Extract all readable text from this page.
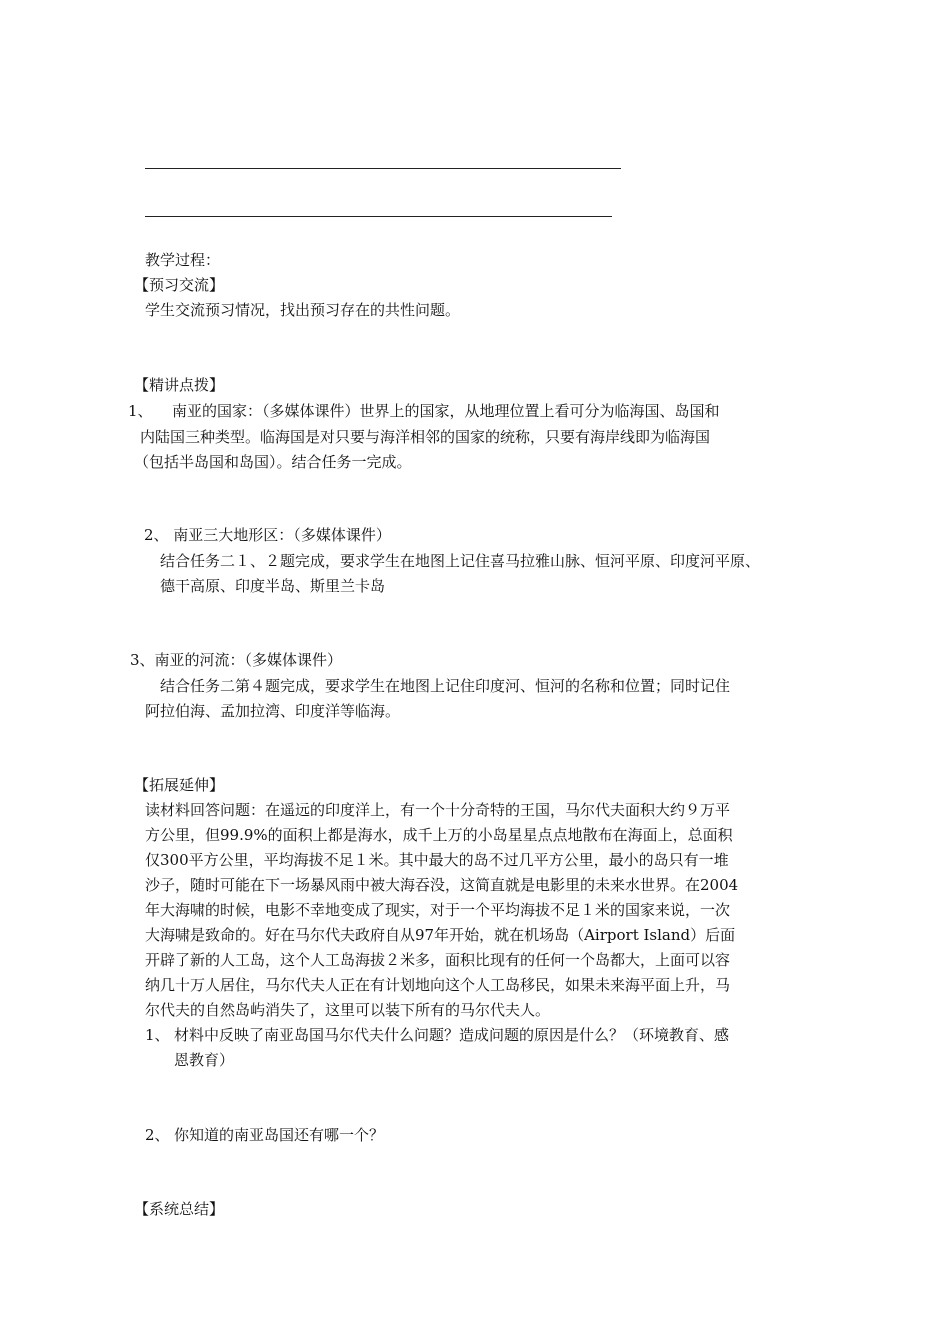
教学过程：
【预习交流】
学生交流预习情况，找出预习存在的共性问题。
【精讲点拨】
1、 南亚的国家：（多媒体课件）世界上的国家，从地理位置上看可分为临海国、岛国和
内陆国三种类型。临海国是对只要与海洋相邻的国家的统称，只要有海岸线即为临海国
（包括半岛国和岛国）。结合任务一完成。
2、 南亚三大地形区：（多媒体课件）
结合任务二１、２题完成，要求学生在地图上记住喜马拉雅山脉、恒河平原、印度河平原、
德干高原、印度半岛、斯里兰卡岛
3、南亚的河流：（多媒体课件）
结合任务二第４题完成，要求学生在地图上记住印度河、恒河的名称和位置；同时记住
阿拉伯海、孟加拉湾、印度洋等临海。
【拓展延伸】
读材料回答问题：在遥远的印度洋上，有一个十分奇特的王国，马尔代夫面积大约９万平
方公里，但99.9%的面积上都是海水，成千上万的小岛星星点点地散布在海面上，总面积
仅300平方公里，平均海拔不足１米。其中最大的岛不过几平方公里，最小的岛只有一堆
沙子，随时可能在下一场暴风雨中被大海吞没，这简直就是电影里的未来水世界。在2004
年大海啸的时候，电影不幸地变成了现实，对于一个平均海拔不足１米的国家来说，一次
大海啸是致命的。好在马尔代夫政府自从97年开始，就在机场岛（Airport Island）后面
开辟了新的人工岛，这个人工岛海拔２米多，面积比现有的任何一个岛都大，上面可以容
纳几十万人居住，马尔代夫人正在有计划地向这个人工岛移民，如果未来海平面上升，马
尔代夫的自然岛屿消失了，这里可以装下所有的马尔代夫人。
1、 材料中反映了南亚岛国马尔代夫什么问题？造成问题的原因是什么？（环境教育、感
恩教育）
2、 你知道的南亚岛国还有哪一个？
【系统总结】
